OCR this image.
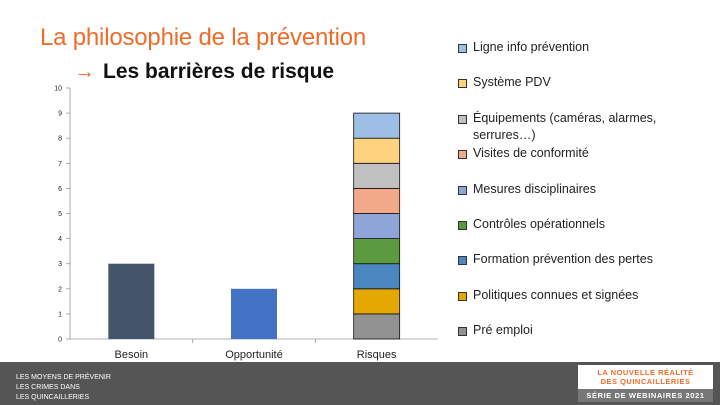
La philosophie de la prévention
→ Les barrières de risque
0
1
2
3
4
5
6
7
8
9
10
Besoin	Opportunité	Risques
Ligne info prévention
Système PDV
Équipements (caméras, alarmes, serrures…)
Visites de conformité
Mesures disciplinaires
Contrôles opérationnels
Formation prévention des pertes
Politiques connues et signées
Pré emploi
LES MOYENS DE PRÉVENIR
LES CRIMES DANS
LES QUINCAILLERIES
LA NOUVELLE RÉALITÉ
DES QUINCAILLERIES
SÉRIE DE WEBINAIRES 2021
